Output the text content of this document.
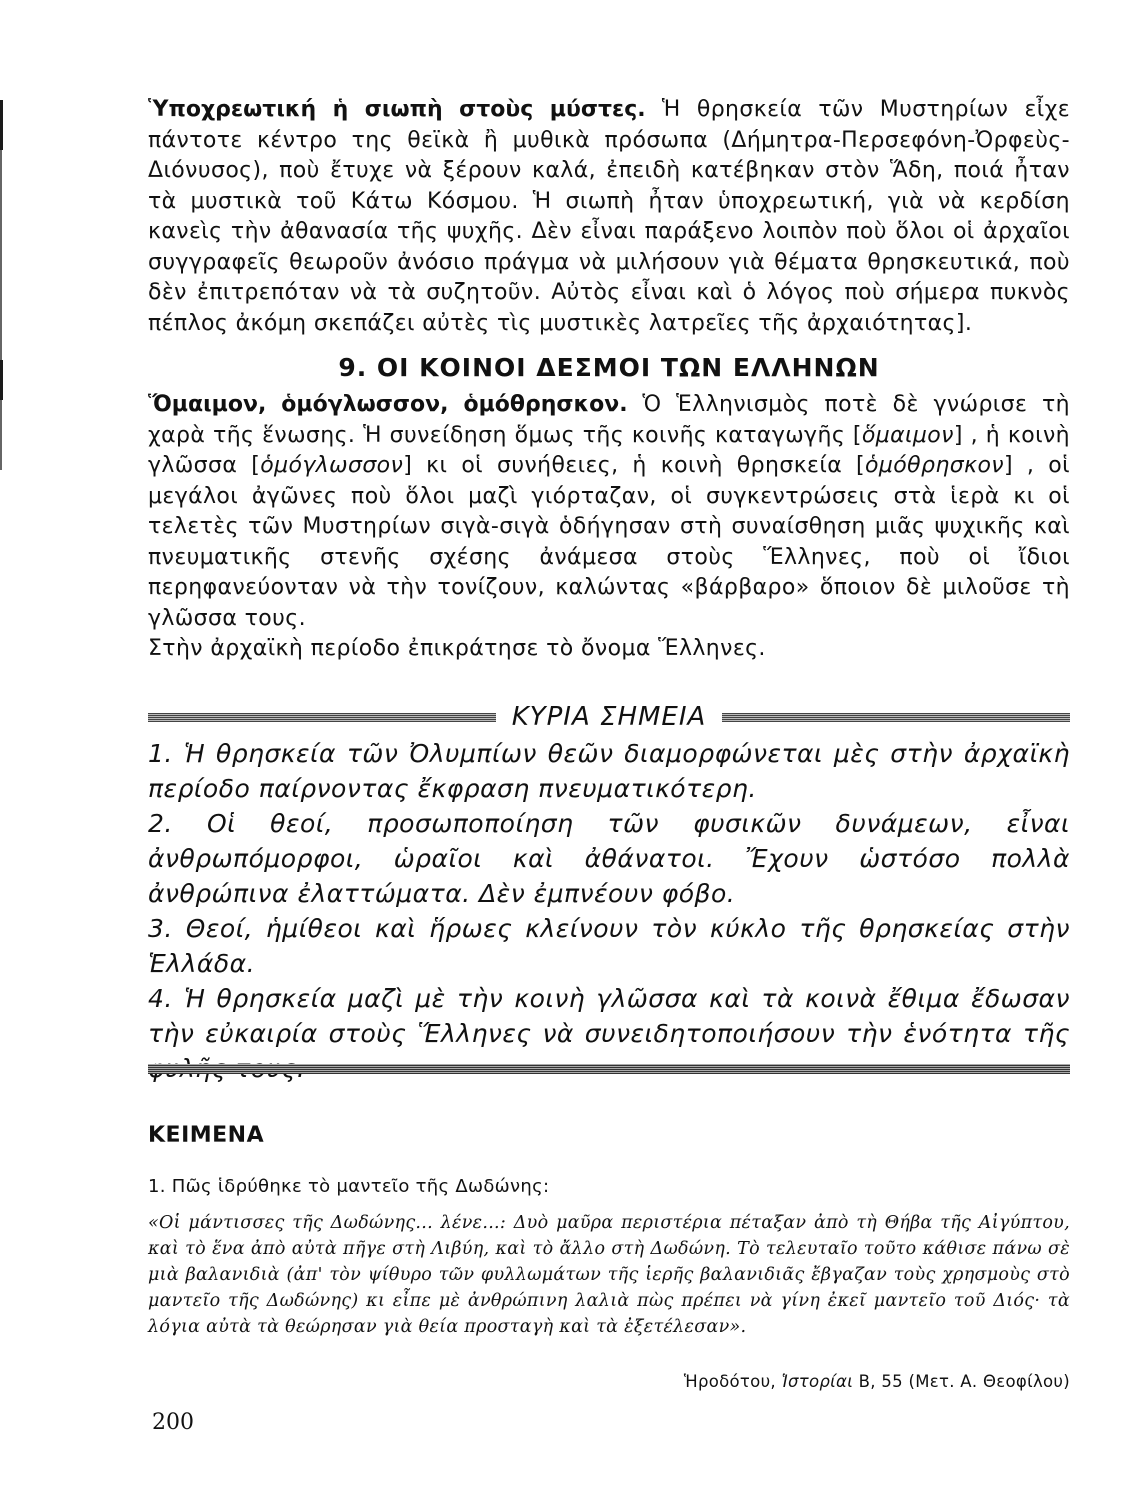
Ὑποχρεωτική ἡ σιωπὴ στοὺς μύστες. Ἡ θρησκεία τῶν Μυστηρίων εἶχε πάντοτε κέντρο της θεϊκὰ ἢ μυθικὰ πρόσωπα (Δήμητρα-Περσεφόνη-Ὀρφεὺς-Διόνυσος), ποὺ ἔτυχε νὰ ξέρουν καλά, ἐπειδὴ κατέβηκαν στὸν Ἅδη, ποιά ἦταν τὰ μυστικὰ τοῦ Κάτω Κόσμου. Ἡ σιωπὴ ἦταν ὑποχρεωτική, γιὰ νὰ κερδίση κανεὶς τὴν ἀθανασία τῆς ψυχῆς. Δὲν εἶναι παράξενο λοιπὸν ποὺ ὅλοι οἱ ἀρχαῖοι συγγραφεῖς θεωροῦν ἀνόσιο πράγμα νὰ μιλήσουν γιὰ θέματα θρησκευτικά, ποὺ δὲν ἐπιτρεπόταν νὰ τὰ συζητοῦν. Αὐτὸς εἶναι καὶ ὁ λόγος ποὺ σήμερα πυκνὸς πέπλος ἀκόμη σκεπάζει αὐτὲς τὶς μυστικὲς λατρεῖες τῆς ἀρχαιότητας].

9. ΟΙ ΚΟΙΝΟΙ ΔΕΣΜΟΙ ΤΩΝ ΕΛΛΗΝΩΝ

Ὅμαιμον, ὁμόγλωσσον, ὁμόθρησκον. Ὁ Ἑλληνισμὸς ποτὲ δὲ γνώρισε τὴ χαρὰ τῆς ἕνωσης. Ἡ συνείδηση ὅμως τῆς κοινῆς καταγωγῆς [ὅμαιμον] , ἡ κοινὴ γλῶσσα [ὁμόγλωσσον] κι οἱ συνήθειες, ἡ κοινὴ θρησκεία [ὁμόθρησκον] , οἱ μεγάλοι ἀγῶνες ποὺ ὅλοι μαζὶ γιόρταζαν, οἱ συγκεντρώσεις στὰ ἱερὰ κι οἱ τελετὲς τῶν Μυστηρίων σιγὰ-σιγὰ ὁδήγησαν στὴ συναίσθηση μιᾶς ψυχικῆς καὶ πνευματικῆς στενῆς σχέσης ἀνάμεσα στοὺς Ἕλληνες, ποὺ οἱ ἴδιοι περηφανεύονταν νὰ τὴν τονίζουν, καλώντας «βάρβαρο» ὅποιον δὲ μιλοῦσε τὴ γλῶσσα τους.

Στὴν ἀρχαϊκὴ περίοδο ἐπικράτησε τὸ ὄνομα Ἕλληνες.

ΚΥΡΙΑ ΣΗΜΕΙΑ

1. Ἡ θρησκεία τῶν Ὀλυμπίων θεῶν διαμορφώνεται μὲς στὴν ἀρχαϊκὴ περίοδο παίρνοντας ἔκφραση πνευματικότερη.

2. Οἱ θεοί, προσωποποίηση τῶν φυσικῶν δυνάμεων, εἶναι ἀνθρωπόμορφοι, ὡραῖοι καὶ ἀθάνατοι. Ἔχουν ὡστόσο πολλὰ ἀνθρώπινα ἐλαττώματα. Δὲν ἐμπνέουν φόβο.

3. Θεοί, ἡμίθεοι καὶ ἥρωες κλείνουν τὸν κύκλο τῆς θρησκείας στὴν Ἑλλάδα.

4. Ἡ θρησκεία μαζὶ μὲ τὴν κοινὴ γλῶσσα καὶ τὰ κοινὰ ἔθιμα ἔδωσαν τὴν εὐκαιρία στοὺς Ἕλληνες νὰ συνειδητοποιήσουν τὴν ἑνότητα τῆς

ΚΕΙΜΕΝΑ

1. Πῶς ἱδρύθηκε τὸ μαντεῖο τῆς Δωδώνης:

«Οἱ μάντισσες τῆς Δωδώνης... λένε...: Δυὸ μαῦρα περιστέρια πέταξαν ἀπὸ τὴ Θήβα τῆς Αἰγύπτου, καὶ τὸ ἕνα ἀπὸ αὐτὰ πῆγε στὴ Λιβύη, καὶ τὸ ἄλλο στὴ Δωδώνη. Τὸ τελευταῖο τοῦτο κάθισε πάνω σὲ μιὰ βαλανιδιὰ (ἀπ' τὸν ψίθυρο τῶν φυλλωμάτων τῆς ἱερῆς βαλανιδιᾶς ἔβγαζαν τοὺς χρησμοὺς στὸ μαντεῖο τῆς Δωδώνης) κι εἶπε μὲ ἀνθρώπινη λαλιὰ πὼς πρέπει νὰ γίνη ἐκεῖ μαντεῖο τοῦ Διός· τὰ λόγια αὐτὰ τὰ θεώρησαν γιὰ θεία προσταγὴ καὶ τὰ ἐξετέλεσαν».

Ἡροδότου, Ἱστορίαι Β, 55 (Μετ. Α. Θεοφίλου)

200
